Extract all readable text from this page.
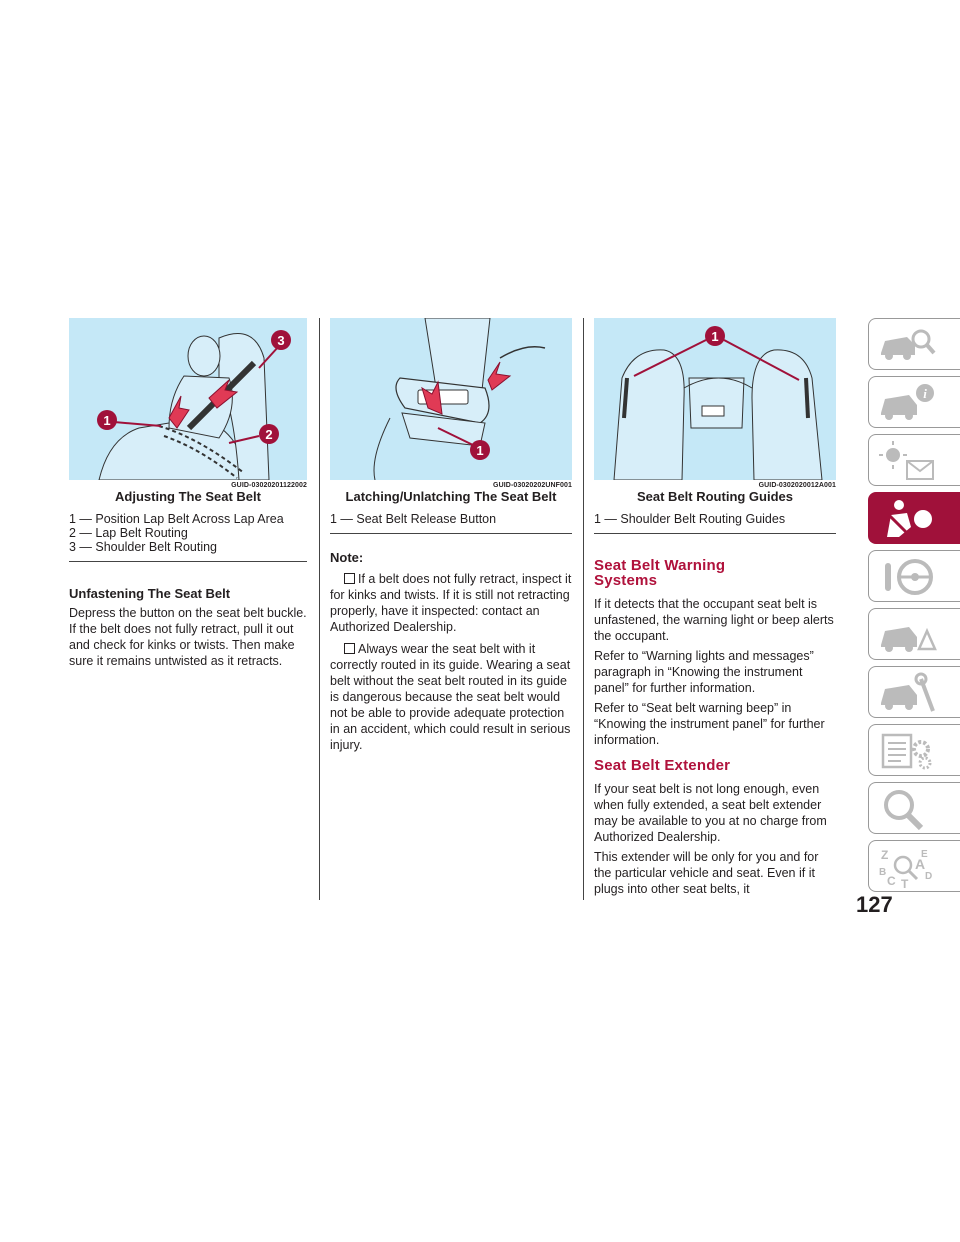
1
2
3
GUID-03020201122002
Adjusting The Seat Belt
1 — Position Lap Belt Across Lap Area
2 — Lap Belt Routing
3 — Shoulder Belt Routing
Unfastening The Seat Belt

Depress the button on the seat belt buckle. If the belt does not fully retract, pull it out and check for kinks or twists. Then make sure it remains untwisted as it retracts.

1
GUID-03020202UNF001
Latching/Unlatching The Seat Belt
1 — Seat Belt Release Button
Note:
If a belt does not fully retract, inspect it for kinks and twists. If it is still not retracting properly, have it inspected: contact an Authorized Dealership.
Always wear the seat belt with it correctly routed in its guide. Wearing a seat belt without the seat belt routed in its guide is dangerous because the seat belt would not be able to provide adequate protection in an accident, which could result in serious injury.
1
GUID-0302020012A001
Seat Belt Routing Guides
1 — Shoulder Belt Routing Guides
Seat Belt Warning
Systems

If it detects that the occupant seat belt is unfastened, the warning light or beep alerts the occupant.

Refer to “Warning lights and messages” paragraph in “Knowing the instrument panel” for further information.

Refer to “Seat belt warning beep” in “Knowing the instrument panel” for further information.

Seat Belt Extender

If your seat belt is not long enough, even when fully extended, a seat belt extender may be available to you at no charge from Authorized Dealership.

This extender will be only for you and for the particular vehicle and seat. Even if it plugs into other seat belts, it

i
Z	E
A
B
C	D
T
127
